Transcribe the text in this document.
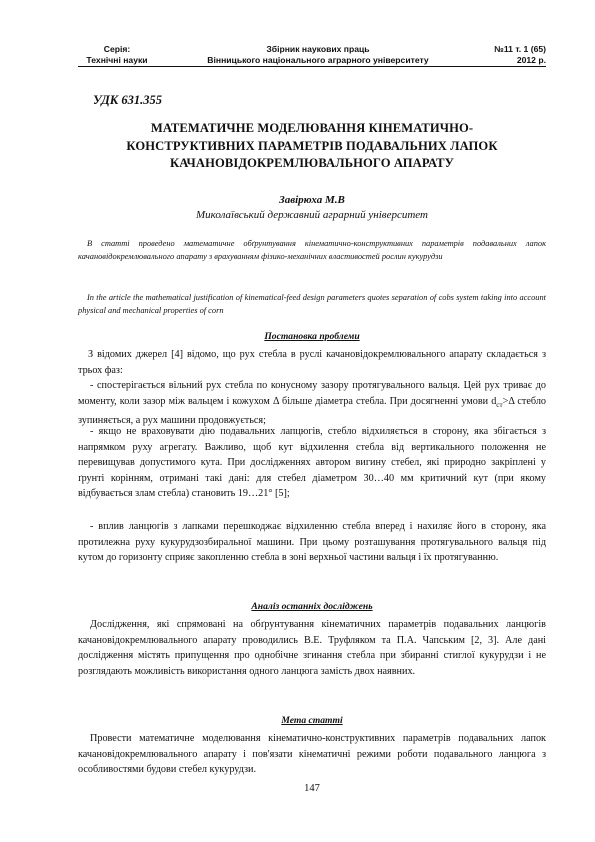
Серія:
Технічні науки
Збірник наукових праць
Вінницького національного аграрного університету
№11 т. 1 (65)
2012 р.
УДК 631.355
МАТЕМАТИЧНЕ МОДЕЛЮВАННЯ КІНЕМАТИЧНО-
КОНСТРУКТИВНИХ ПАРАМЕТРІВ ПОДАВАЛЬНИХ ЛАПОК
КАЧАНОВІДОКРЕМЛЮВАЛЬНОГО АПАРАТУ
Завірюха М.В
Миколаївський державний аграрний університет

В статті проведено математичне обґрунтування кінематично-конструктивних параметрів подавальних лапок качановідокремлювального апарату з врахуванням фізико-механічних властивостей рослин кукурудзи

In the article the mathematical justification of kinematical-feed design parameters quotes separation of cobs system taking into account physical and mechanical properties of corn

Постановка проблеми

З відомих джерел [4] відомо, що рух стебла в руслі качановідокремлювального апарату складається з трьох фаз:

- спостерігається вільний рух стебла по конусному зазору протягувального вальця. Цей рух триває до моменту, коли зазор між вальцем і кожухом Δ більше діаметра стебла. При досягненні умови $d_{ст}>\Delta$ стебло зупиняється, а рух машини продовжується;

- якщо не враховувати дію подавальних лапцюгів, стебло відхиляється в сторону, яка збігається з напрямком руху агрегату. Важливо, щоб кут відхилення стебла від вертикального положення не перевищував допустимого кута. При дослідженнях автором вигину стебел, які природно закріплені у ґрунті корінням, отримані такі дані: для стебел діаметром 30…40 мм критичний кут (при якому відбувається злам стебла) становить 19…21° [5];

- вплив ланцюгів з лапками перешкоджає відхиленню стебла вперед і нахиляє його в сторону, яка протилежна руху кукурудзозбиральної машини. При цьому розташування протягувального вальця під кутом до горизонту сприяє закопленню стебла в зоні верхньої частини вальця і їх протягуванню.

Аналіз останніх досліджень

Дослідження, які спрямовані на обґрунтування кінематичних параметрів подавальних ланцюгів качановідокремлювального апарату проводились В.Е. Труфляком та П.А. Чапським [2, 3]. Але дані дослідження містять припущення про однобічне згинання стебла при збиранні стиглої кукурудзи і не розглядають можливість використання одного ланцюга замість двох наявних.

Мета статті

Провести математичне моделювання кінематично-конструктивних параметрів подавальних лапок качановідокремлювального апарату і пов'язати кінематичні режими роботи подавального ланцюга з особливостями будови стебел кукурудзи.

147
